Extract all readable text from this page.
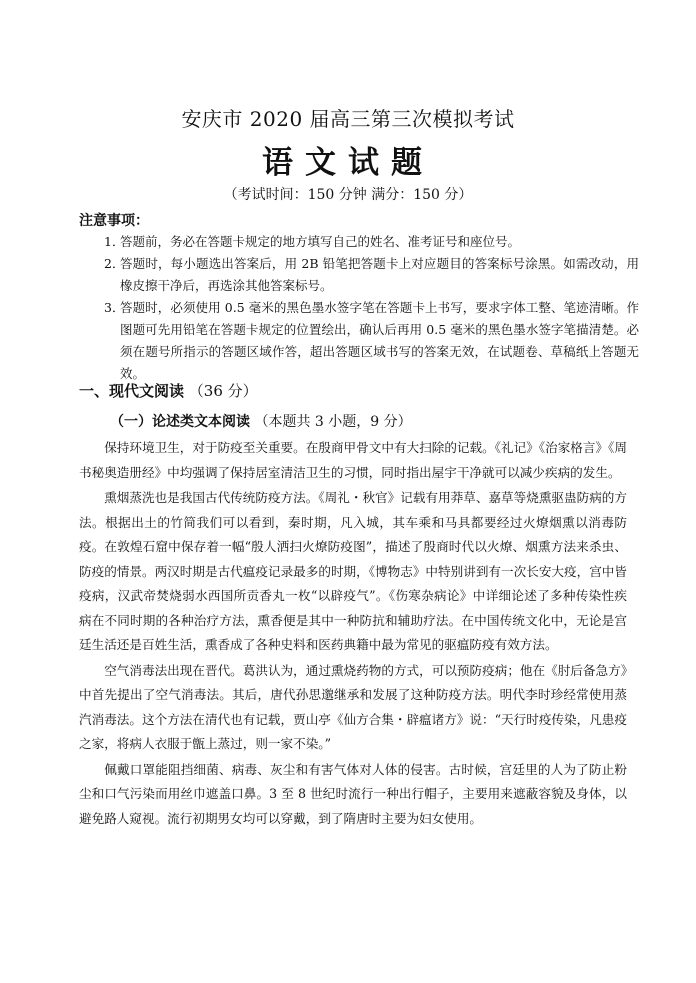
安庆市 2020 届高三第三次模拟考试
语文试题
（考试时间：150 分钟 满分：150 分）
注意事项：
1．
答题前，务必在答题卡规定的地方填写自己的姓名、准考证号和座位号。
2．
答题时，每小题选出答案后，用 2B 铅笔把答题卡上对应题目的答案标号涂黑。如需改动，用橡皮擦干净后，再选涂其他答案标号。
3．
答题时，必须使用 0.5 毫米的黑色墨水签字笔在答题卡上书写，要求字体工整、笔迹清晰。作图题可先用铅笔在答题卡规定的位置绘出，确认后再用 0.5 毫米的黑色墨水签字笔描清楚。必须在题号所指示的答题区域作答，超出答题区域书写的答案无效，在试题卷、草稿纸上答题无效。
一、现代文阅读 （36 分）
（一）论述类文本阅读 （本题共 3 小题，9 分）

保持环境卫生，对于防疫至关重要。在殷商甲骨文中有大扫除的记载。《礼记》《治家格言》《周书秘奥造册经》中均强调了保持居室清洁卫生的习惯，同时指出屋宇干净就可以减少疾病的发生。

熏烟蒸洗也是我国古代传统防疫方法。《周礼・秋官》记载有用莽草、嘉草等烧熏驱蛊防病的方法。根据出土的竹简我们可以看到，秦时期，凡入城，其车乘和马具都要经过火燎烟熏以消毒防疫。在敦煌石窟中保存着一幅“殷人洒扫火燎防疫图”，描述了殷商时代以火燎、烟熏方法来杀虫、防疫的情景。两汉时期是古代瘟疫记录最多的时期，《博物志》中特别讲到有一次长安大疫，宫中皆疫病，汉武帝焚烧弱水西国所贡香丸一枚“以辟疫气”。《伤寒杂病论》中详细论述了多种传染性疾病在不同时期的各种治疗方法，熏香便是其中一种防抗和辅助疗法。在中国传统文化中，无论是宫廷生活还是百姓生活，熏香成了各种史料和医药典籍中最为常见的驱瘟防疫有效方法。

空气消毒法出现在晋代。葛洪认为，通过熏烧药物的方式，可以预防疫病；他在《肘后备急方》中首先提出了空气消毒法。其后，唐代孙思邈继承和发展了这种防疫方法。明代李时珍经常使用蒸汽消毒法。这个方法在清代也有记载，贾山亭《仙方合集・辟瘟诸方》说：“天行时疫传染，凡患疫之家，将病人衣服于甑上蒸过，则一家不染。”

佩戴口罩能阻挡细菌、病毒、灰尘和有害气体对人体的侵害。古时候，宫廷里的人为了防止粉尘和口气污染而用丝巾遮盖口鼻。3 至 8 世纪时流行一种出行帽子，主要用来遮蔽容貌及身体，以避免路人窥视。流行初期男女均可以穿戴，到了隋唐时主要为妇女使用。
